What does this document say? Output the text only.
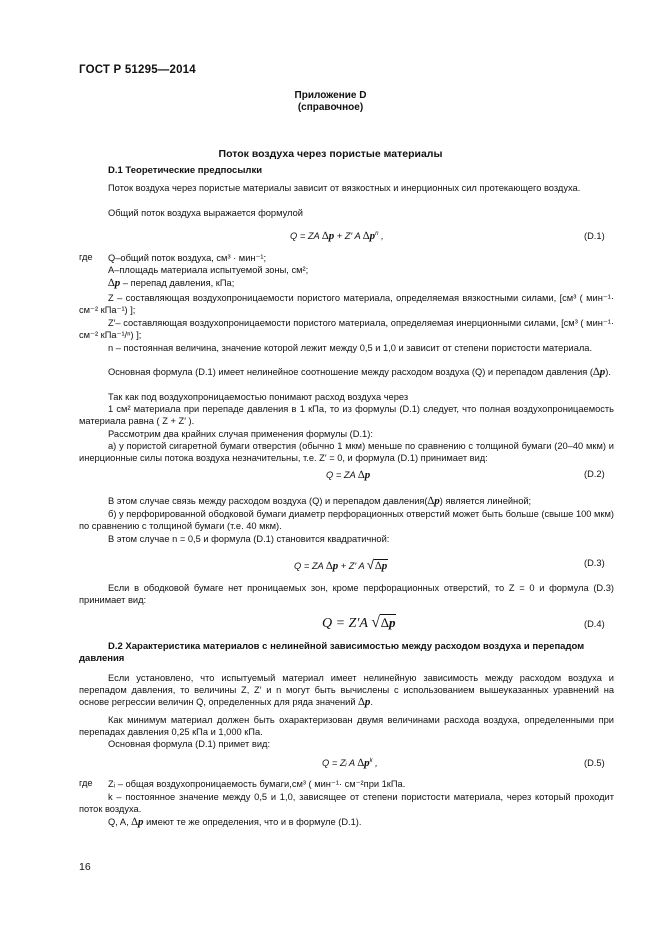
ГОСТ Р 51295—2014
Приложение D
(справочное)
Поток воздуха через пористые материалы
D.1 Теоретические предпосылки
Поток воздуха через пористые материалы зависит от вязкостных и инерционных сил протекающего воздуха.
Общий поток воздуха выражается формулой
Q = ZA ∆p + Z′ A $\Delta p^n$ ,	(D.1)
где Q–общий поток воздуха, см³ · мин⁻¹;
A–площадь материала испытуемой зоны, см²;
∆p – перепад давления, кПа;
Z – составляющая воздухопроницаемости пористого материала, определяемая вязкостными силами, [см³ ( мин⁻¹· см⁻² кПа⁻¹) ];
Z′– составляющая воздухопроницаемости пористого материала, определяемая инерционными силами, [см³ ( мин⁻¹· см⁻² кПа⁻¹/ⁿ) ];
n – постоянная величина, значение которой лежит между 0,5 и 1,0 и зависит от степени пористости материала.
Основная формула (D.1) имеет нелинейное соотношение между расходом воздуха (Q) и перепадом давления (∆p).
Так как под воздухопроницаемостью понимают расход воздуха через
1 см² материала при перепаде давления в 1 кПа, то из формулы (D.1) следует, что полная воздухопроницаемость материала равна ( Z + Z′ ).
Рассмотрим два крайних случая применения формулы (D.1):
а) у пористой сигаретной бумаги отверстия (обычно 1 мкм) меньше по сравнению с толщиной бумаги (20–40 мкм) и инерционные силы потока воздуха незначительны, т.е. Z′ = 0, и формула (D.1) принимает вид:
Q = ZA ∆p	(D.2)
В этом случае связь между расходом воздуха (Q) и перепадом давления(∆p) является линейной;
б) у перфорированной ободковой бумаги диаметр перфорационных отверстий может быть больше (свыше 100 мкм) по сравнению с толщиной бумаги (т.е. 40 мкм).
В этом случае n = 0,5 и формула (D.1) становится квадратичной:
Q = ZA ∆p + Z′ A √∆p	(D.3)
Если в ободковой бумаге нет проницаемых зон, кроме перфорационных отверстий, то Z = 0 и формула (D.3) принимает вид:
Q = Z′A √∆p	(D.4)
D.2 Характеристика материалов с нелинейной зависимостью между расходом воздуха и перепадом давления
Если установлено, что испытуемый материал имеет нелинейную зависимость между расходом воздуха и перепадом давления, то величины Z, Z′ и n могут быть вычислены с использованием вышеуказанных уравнений на основе регрессии величин Q, определенных для ряда значений ∆p.
Как минимум материал должен быть охарактеризован двумя величинами расхода воздуха, определенными при перепадах давления 0,25 кПа и 1,000 кПа.
Основная формула (D.1) примет вид:
Q = Zᵢ A $\Delta p^k$ ,	(D.5)
где Zᵢ – общая воздухопроницаемость бумаги,см³ ( мин⁻¹· см⁻²при 1кПа.
k – постоянное значение между 0,5 и 1,0, зависящее от степени пористости материала, через который проходит поток воздуха.
Q, A, ∆p имеют те же определения, что и в формуле (D.1).
16
